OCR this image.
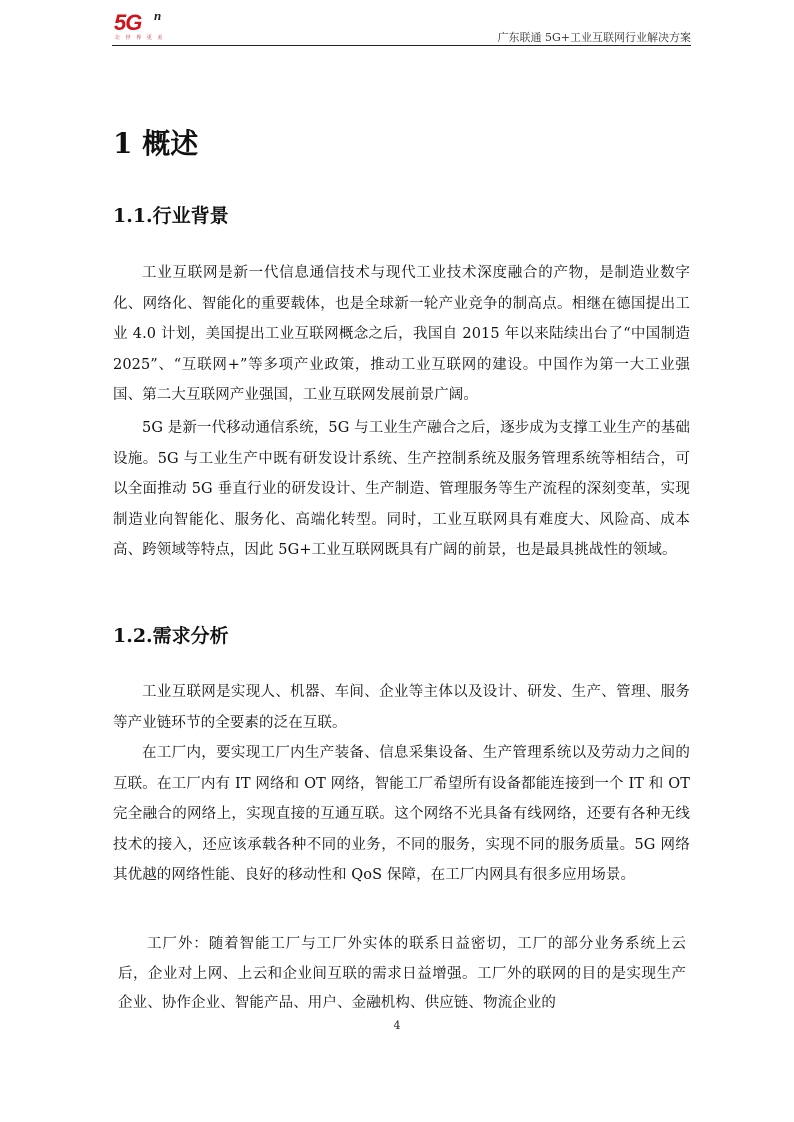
5G n
让 世 界 更 美	广东联通 5G+工业互联网行业解决方案
1 概述
1.1.行业背景

工业互联网是新一代信息通信技术与现代工业技术深度融合的产物，是制造业数字化、网络化、智能化的重要载体，也是全球新一轮产业竞争的制高点。相继在德国提出工业 4.0 计划，美国提出工业互联网概念之后，我国自 2015 年以来陆续出台了“中国制造 2025”、“互联网+”等多项产业政策，推动工业互联网的建设。中国作为第一大工业强国、第二大互联网产业强国，工业互联网发展前景广阔。

5G 是新一代移动通信系统，5G 与工业生产融合之后，逐步成为支撑工业生产的基础设施。5G 与工业生产中既有研发设计系统、生产控制系统及服务管理系统等相结合，可以全面推动 5G 垂直行业的研发设计、生产制造、管理服务等生产流程的深刻变革，实现制造业向智能化、服务化、高端化转型。同时，工业互联网具有难度大、风险高、成本高、跨领域等特点，因此 5G+工业互联网既具有广阔的前景，也是最具挑战性的领域。

1.2.需求分析

工业互联网是实现人、机器、车间、企业等主体以及设计、研发、生产、管理、服务等产业链环节的全要素的泛在互联。

在工厂内，要实现工厂内生产装备、信息采集设备、生产管理系统以及劳动力之间的互联。在工厂内有 IT 网络和 OT 网络，智能工厂希望所有设备都能连接到一个 IT 和 OT 完全融合的网络上，实现直接的互通互联。这个网络不光具备有线网络，还要有各种无线技术的接入，还应该承载各种不同的业务，不同的服务，实现不同的服务质量。5G 网络其优越的网络性能、良好的移动性和 QoS 保障，在工厂内网具有很多应用场景。

工厂外：随着智能工厂与工厂外实体的联系日益密切，工厂的部分业务系统上云后，企业对上网、上云和企业间互联的需求日益增强。工厂外的联网的目的是实现生产企业、协作企业、智能产品、用户、金融机构、供应链、物流企业的

4
